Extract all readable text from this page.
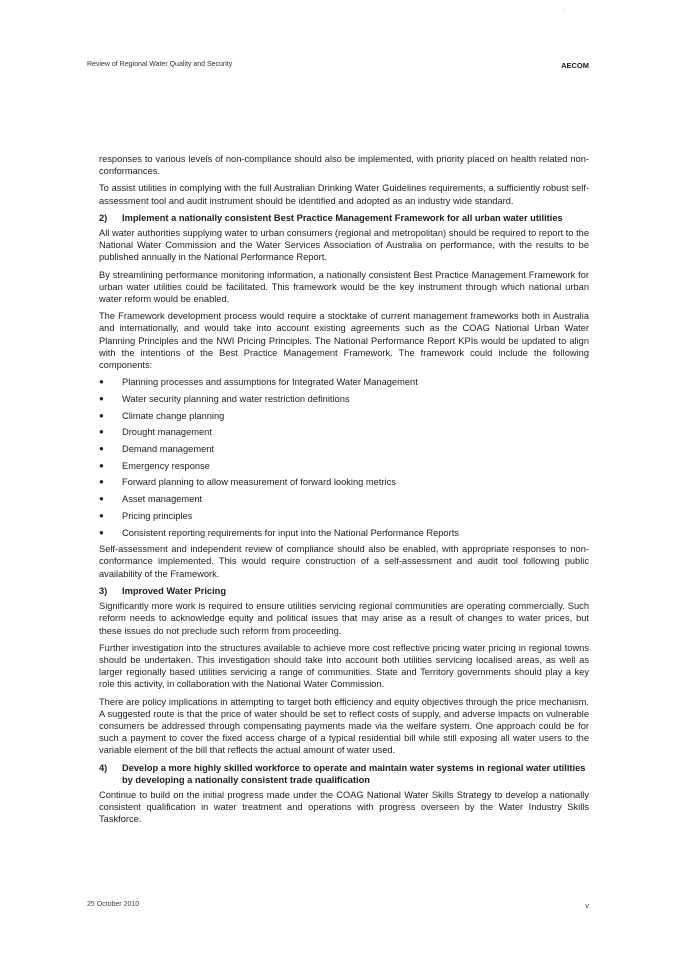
·
Review of Regional Water Quality and Security	AECOM

responses to various levels of non-compliance should also be implemented, with priority placed on health related non-conformances.

To assist utilities in complying with the full Australian Drinking Water Guidelines requirements, a sufficiently robust self-assessment tool and audit instrument should be identified and adopted as an industry wide standard.

2)	Implement a nationally consistent Best Practice Management Framework for all urban water utilities

All water authorities supplying water to urban consumers (regional and metropolitan) should be required to report to the National Water Commission and the Water Services Association of Australia on performance, with the results to be published annually in the National Performance Report.

By streamlining performance monitoring information, a nationally consistent Best Practice Management Framework for urban water utilities could be facilitated. This framework would be the key instrument through which national urban water reform would be enabled.

The Framework development process would require a stocktake of current management frameworks both in Australia and internationally, and would take into account existing agreements such as the COAG National Urban Water Planning Principles and the NWI Pricing Principles. The National Performance Report KPIs would be updated to align with the intentions of the Best Practice Management Framework. The framework could include the following components:

●	Planning processes and assumptions for Integrated Water Management
●	Water security planning and water restriction definitions
●	Climate change planning
●	Drought management
●	Demand management
●	Emergency response
●	Forward planning to allow measurement of forward looking metrics
●	Asset management
●	Pricing principles
●	Consistent reporting requirements for input into the National Performance Reports

Self-assessment and independent review of compliance should also be enabled, with appropriate responses to non-conformance implemented. This would require construction of a self-assessment and audit tool following public availability of the Framework.

3)	Improved Water Pricing

Significantly more work is required to ensure utilities servicing regional communities are operating commercially. Such reform needs to acknowledge equity and political issues that may arise as a result of changes to water prices, but these issues do not preclude such reform from proceeding.

Further investigation into the structures available to achieve more cost reflective pricing water pricing in regional towns should be undertaken. This investigation should take into account both utilities servicing localised areas, as well as larger regionally based utilities servicing a range of communities. State and Territory governments should play a key role this activity, in collaboration with the National Water Commission.

There are policy implications in attempting to target both efficiency and equity objectives through the price mechanism. A suggested route is that the price of water should be set to reflect costs of supply, and adverse impacts on vulnerable consumers be addressed through compensating payments made via the welfare system. One approach could be for such a payment to cover the fixed access charge of a typical residential bill while still exposing all water users to the variable element of the bill that reflects the actual amount of water used.

4)	Develop a more highly skilled workforce to operate and maintain water systems in regional water utilities by developing a nationally consistent trade qualification

Continue to build on the initial progress made under the COAG National Water Skills Strategy to develop a nationally consistent qualification in water treatment and operations with progress overseen by the Water Industry Skills Taskforce.

25 October 2010	v
